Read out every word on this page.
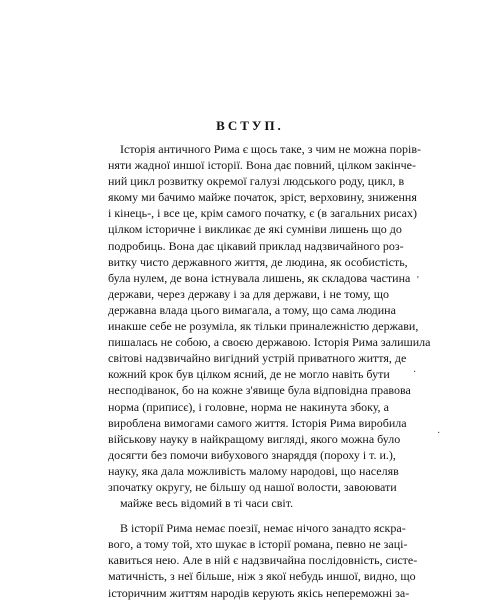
ВСТУП.
Історія античного Рима є щось таке, з чим не можна порів-
няти жадної иншої історії. Вона дає повний, цілком закінче-
ний цикл розвитку окремої галузі людського роду, цикл, в
якому ми бачимо майже початок, зріст, верховину, зниження
і кінець-, і все це, крім самого початку, є (в загальних рисах)
цілком історичне і викликає де які сумніви лишень що до
подробиць. Вона дає цікавий приклад надзвичайного роз-
витку чисто державного життя, де людина, як особистість,
була нулем, де вона істнувала лишень, як складова частина
держави, через державу і за для держави, і не тому, що
державна влада цього вимагала, а тому, що сама людина
инакше себе не розуміла, як тільки приналежністю держави,
пишалась не собою, а своєю державою. Історія Рима залишила
світові надзвичайно вигідний устрій приватного життя, де
кожний крок був цілком ясний, де не могло навіть бути
несподіванок, бо на кожне з'явище була відповідна правова
норма (приписє), і головне, норма не накинута збоку, а
вироблена вимогами самого життя. Історія Рима виробила
військову науку в найкращому вигляді, якого можна було
досягти без помочи вибухового знаряддя (пороху і т. и.),
науку, яка дала можливість малому народові, що населяв
зпочатку округу, не більшу од нашої волости, завоювати
майже весь відомий в ті часи світ.
В історії Рима немає поезії, немає нічого занадто яскра-
вого, а тому той, хто шукає в історії романа, певно не заці-
кавиться нею. Але в ній є надзвичайна послідовність, систе-
матичність, з неї більше, ніж з якої небудь иншої, видно, що
історичним життям народів керують якісь непереможні за-
'
·
·
